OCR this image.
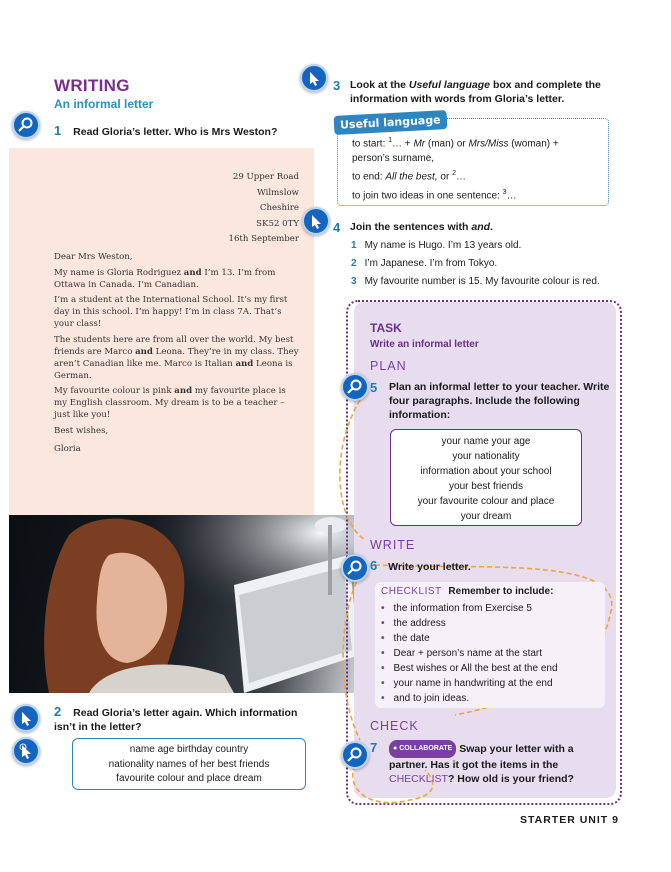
WRITING
An informal letter
1 Read Gloria’s letter. Who is Mrs Weston?
29 Upper Road
Wilmslow
Cheshire
SK52 0TY
16th September

Dear Mrs Weston,

My name is Gloria Rodriguez and I’m 13. I’m from Ottawa in Canada. I’m Canadian.

I’m a student at the International School. It’s my first day in this school. I’m happy! I’m in class 7A. That’s your class!

The students here are from all over the world. My best friends are Marco and Leona. They’re in my class. They aren’t Canadian like me. Marco is Italian and Leona is German.

My favourite colour is pink and my favourite place is my English classroom. My dream is to be a teacher – just like you!

Best wishes,

Gloria

2 Read Gloria’s letter again. Which information isn’t in the letter?
name age birthday country
nationality names of her best friends
favourite colour and place dream
3 Look at the Useful language box and complete the information with words from Gloria’s letter.
Useful language
to start: $^1$… + Mr (man) or Mrs/Miss (woman) +
person’s surname,
to end: All the best, or $^2$…
to join two ideas in one sentence: $^3$…
4 Join the sentences with and.
1 My name is Hugo. I’m 13 years old.
2 I’m Japanese. I’m from Tokyo.
3 My favourite number is 15. My favourite colour is red.
TASK
Write an informal letter
PLAN
5 Plan an informal letter to your teacher. Write four paragraphs. Include the following information:
your name your age
your nationality
information about your school
your best friends
your favourite colour and place
your dream
WRITE
6 Write your letter.
CHECKLIST Remember to include:
• the information from Exercise 5
• the address
• the date
• Dear + person’s name at the start
• Best wishes or All the best at the end
• your name in handwriting at the end
• and to join ideas.
CHECK
7	● COLLABORATE Swap your letter with a partner. Has it got the items in the CHECKLIST? How old is your friend?
STARTER UNIT 9
